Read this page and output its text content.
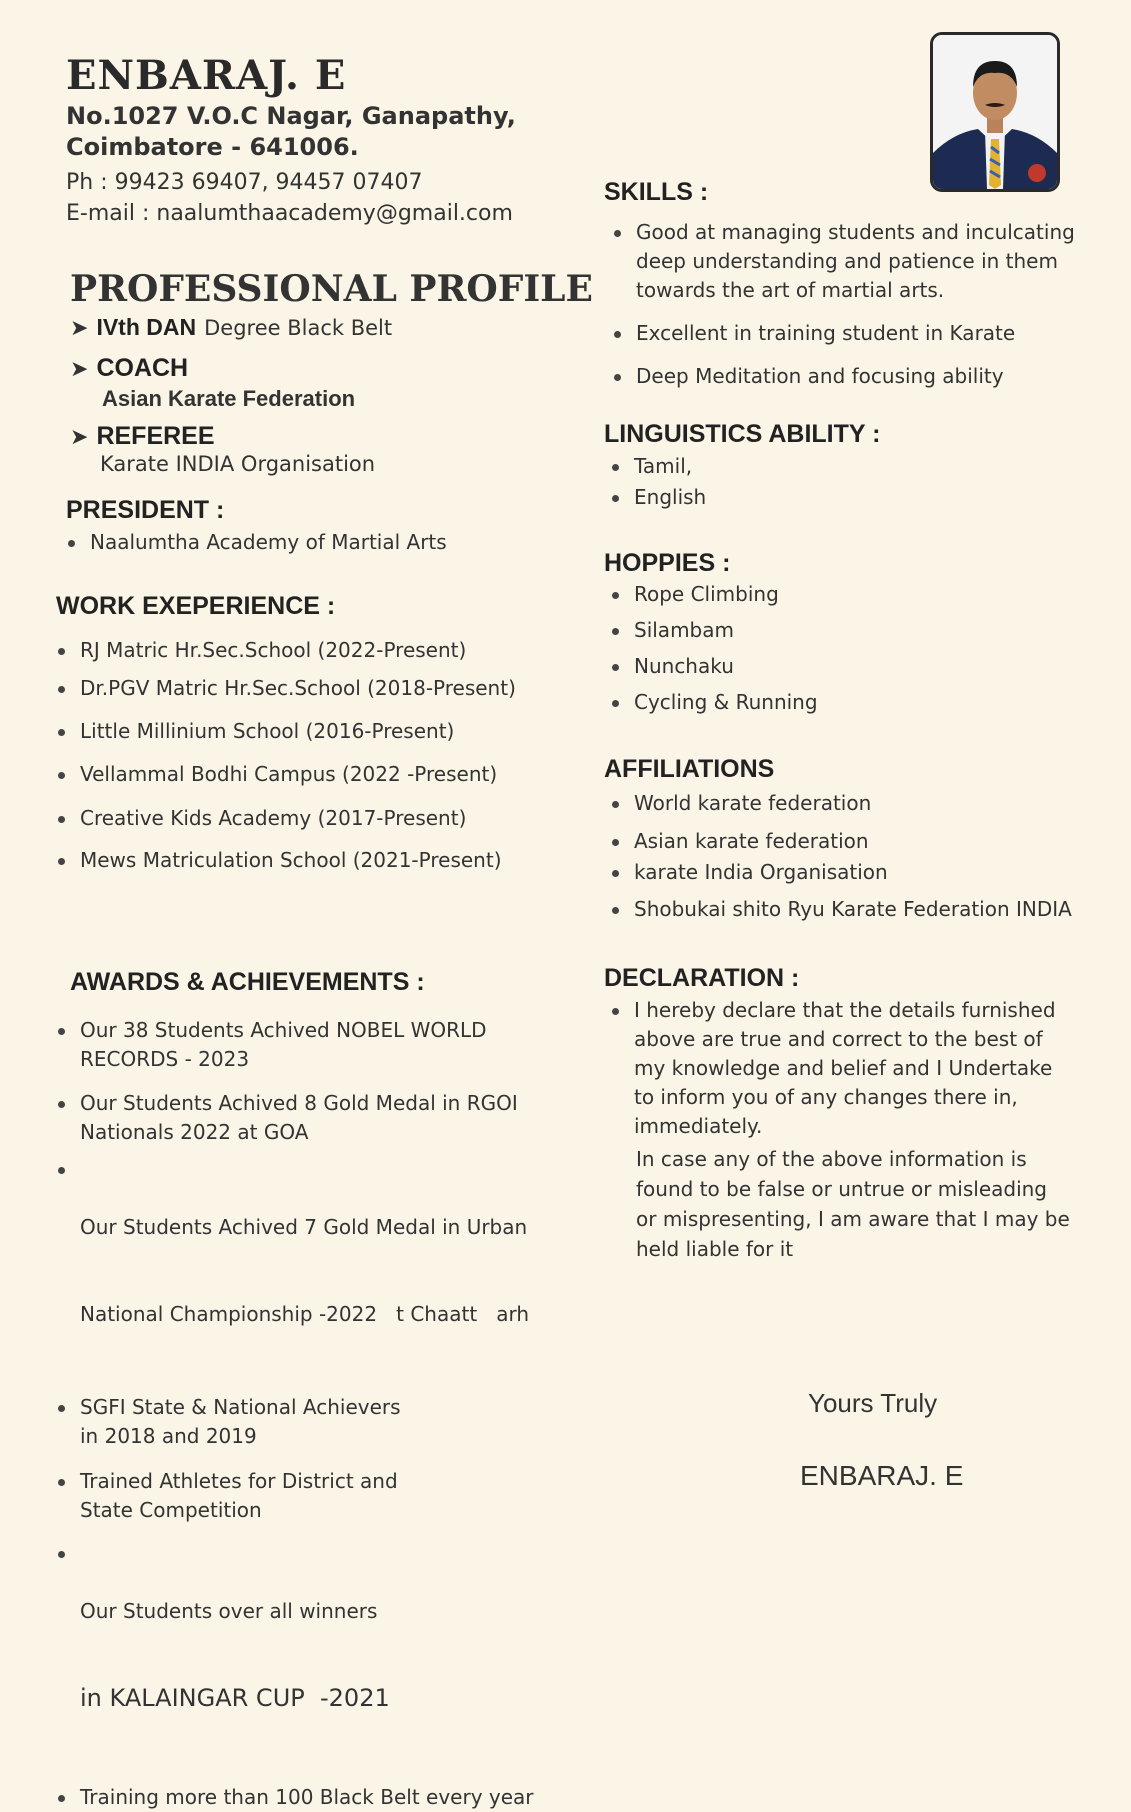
ENBARAJ. E
No.1027 V.O.C Nagar, Ganapathy,
Coimbatore - 641006.
Ph : 99423 69407, 94457 07407
E-mail : naalumthaacademy@gmail.com
PROFESSIONAL PROFILE
➤ IVth DAN Degree Black Belt
➤ COACH
Asian Karate Federation
➤ REFEREE
Karate INDIA Organisation
PRESIDENT :
Naalumtha Academy of Martial Arts
WORK EXEPERIENCE :
RJ Matric Hr.Sec.School (2022-Present)
Dr.PGV Matric Hr.Sec.School (2018-Present)
Little Millinium School (2016-Present)
Vellammal Bodhi Campus (2022 -Present)
Creative Kids Academy (2017-Present)
Mews Matriculation School (2021-Present)
AWARDS & ACHIEVEMENTS :
Our 38 Students Achived NOBEL WORLD
RECORDS - 2023
Our Students Achived 8 Gold Medal in RGOI
Nationals 2022 at GOA

Our Students Achived 7 Gold Medal in Urban

National Championship -2022   t Chaatt   arh

SGFI State & National Achievers
in 2018 and 2019
Trained Athletes for District and
State Competition

Our Students over all winners

in KALAINGAR CUP  -2021

Training more than 100 Black Belt every year
SKILLS :
Good at managing students and inculcating
deep understanding and patience in them
towards the art of martial arts.
Excellent in training student in Karate
Deep Meditation and focusing ability
LINGUISTICS ABILITY :
Tamil,
English
HOPPIES :
Rope Climbing
Silambam
Nunchaku
Cycling & Running
AFFILIATIONS
World karate federation
Asian karate federation
karate India Organisation
Shobukai shito Ryu Karate Federation INDIA
DECLARATION :
I hereby declare that the details furnished
above are true and correct to the best of
my knowledge and belief and I Undertake
to inform you of any changes there in,
immediately.
In case any of the above information is
found to be false or untrue or misleading
or mispresenting, I am aware that I may be
held liable for it
Yours Truly
ENBARAJ. E
